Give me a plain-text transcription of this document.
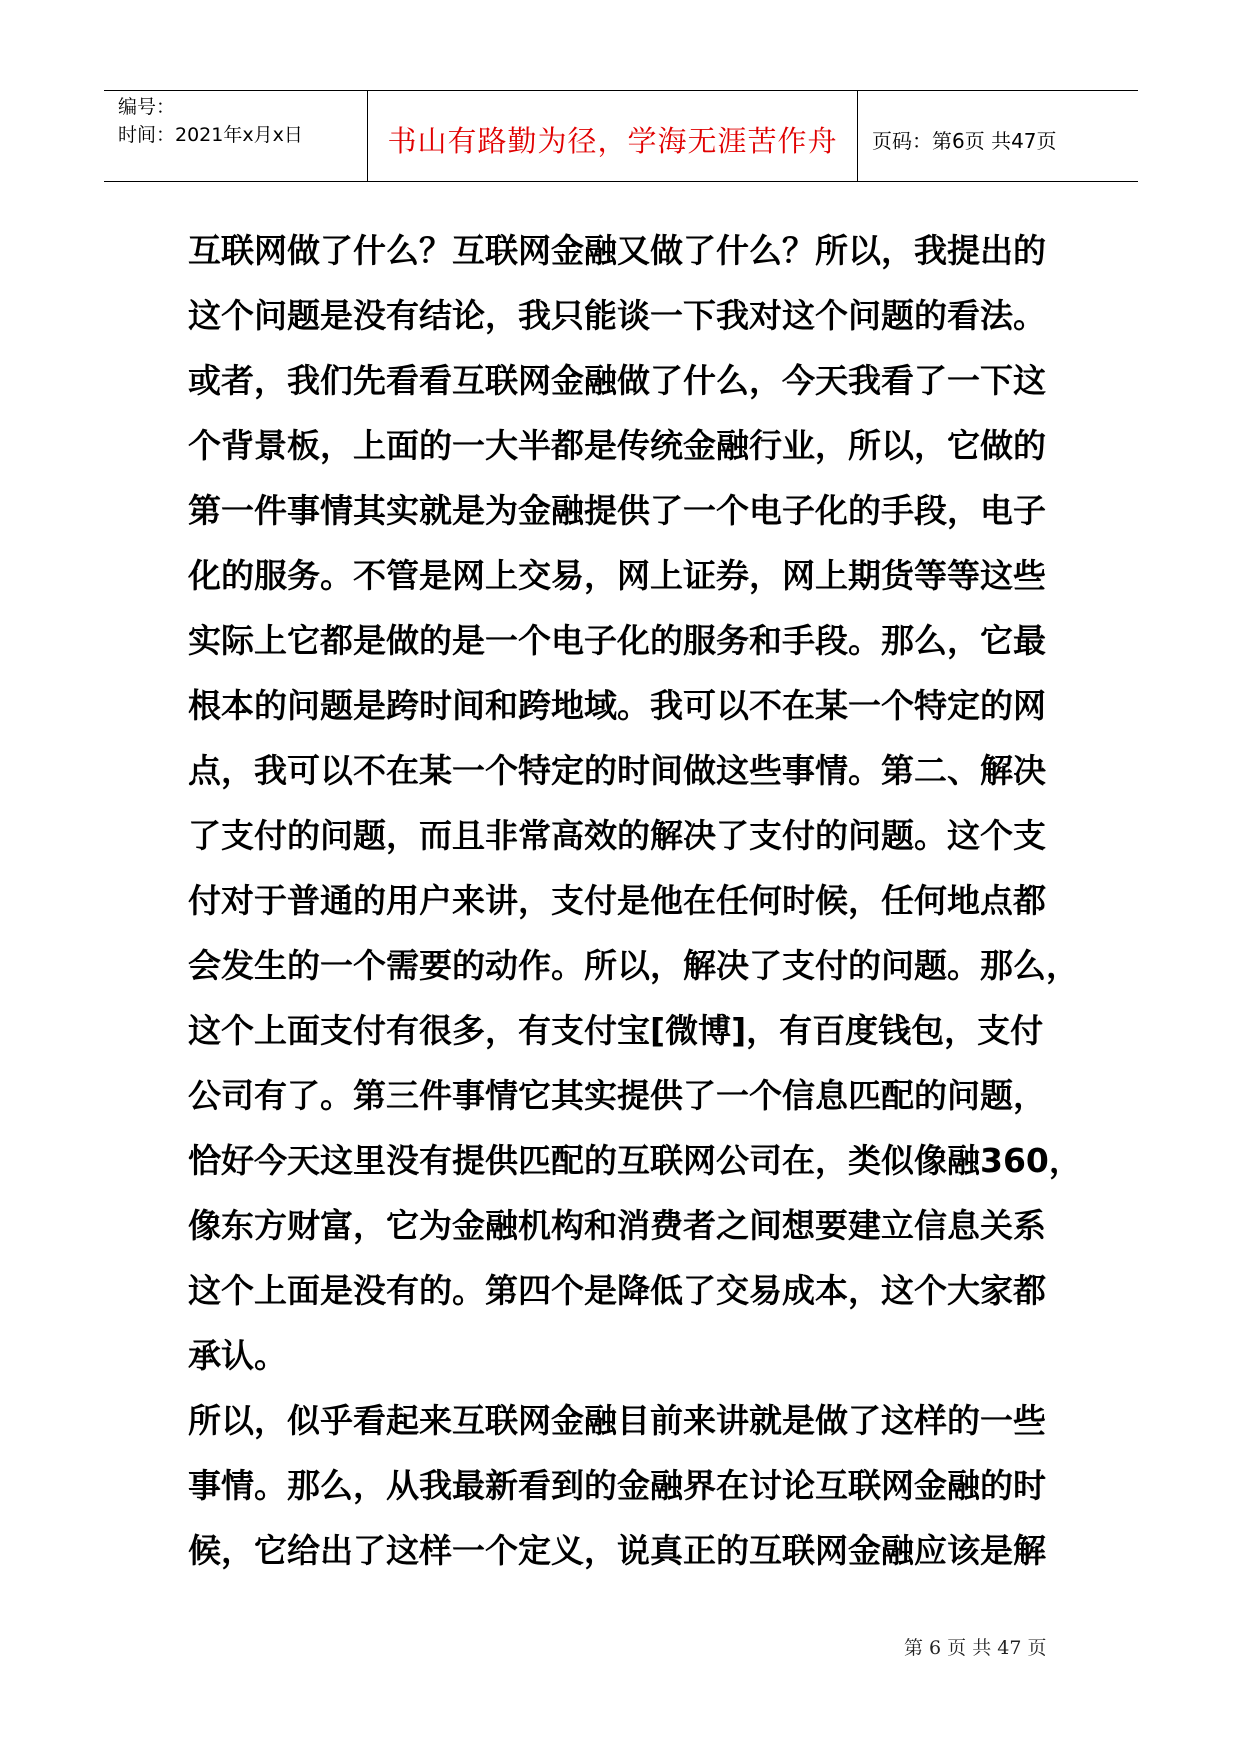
编号：
时间：2021年x月x日	书山有路勤为径，学海无涯苦作舟	页码：第6页 共47页
互联网做了什么？互联网金融又做了什么？所以，我提出的
这个问题是没有结论，我只能谈一下我对这个问题的看法。
或者，我们先看看互联网金融做了什么，今天我看了一下这
个背景板，上面的一大半都是传统金融行业，所以，它做的
第一件事情其实就是为金融提供了一个电子化的手段，电子
化的服务。不管是网上交易，网上证券，网上期货等等这些
实际上它都是做的是一个电子化的服务和手段。那么，它最
根本的问题是跨时间和跨地域。我可以不在某一个特定的网
点，我可以不在某一个特定的时间做这些事情。第二、解决
了支付的问题，而且非常高效的解决了支付的问题。这个支
付对于普通的用户来讲，支付是他在任何时候，任何地点都
会发生的一个需要的动作。所以，解决了支付的问题。那么，
这个上面支付有很多，有支付宝[微博]，有百度钱包，支付
公司有了。第三件事情它其实提供了一个信息匹配的问题，
恰好今天这里没有提供匹配的互联网公司在，类似像融360，
像东方财富，它为金融机构和消费者之间想要建立信息关系
这个上面是没有的。第四个是降低了交易成本，这个大家都
承认。
所以，似乎看起来互联网金融目前来讲就是做了这样的一些
事情。那么，从我最新看到的金融界在讨论互联网金融的时
候，它给出了这样一个定义，说真正的互联网金融应该是解
第 6 页 共 47 页
